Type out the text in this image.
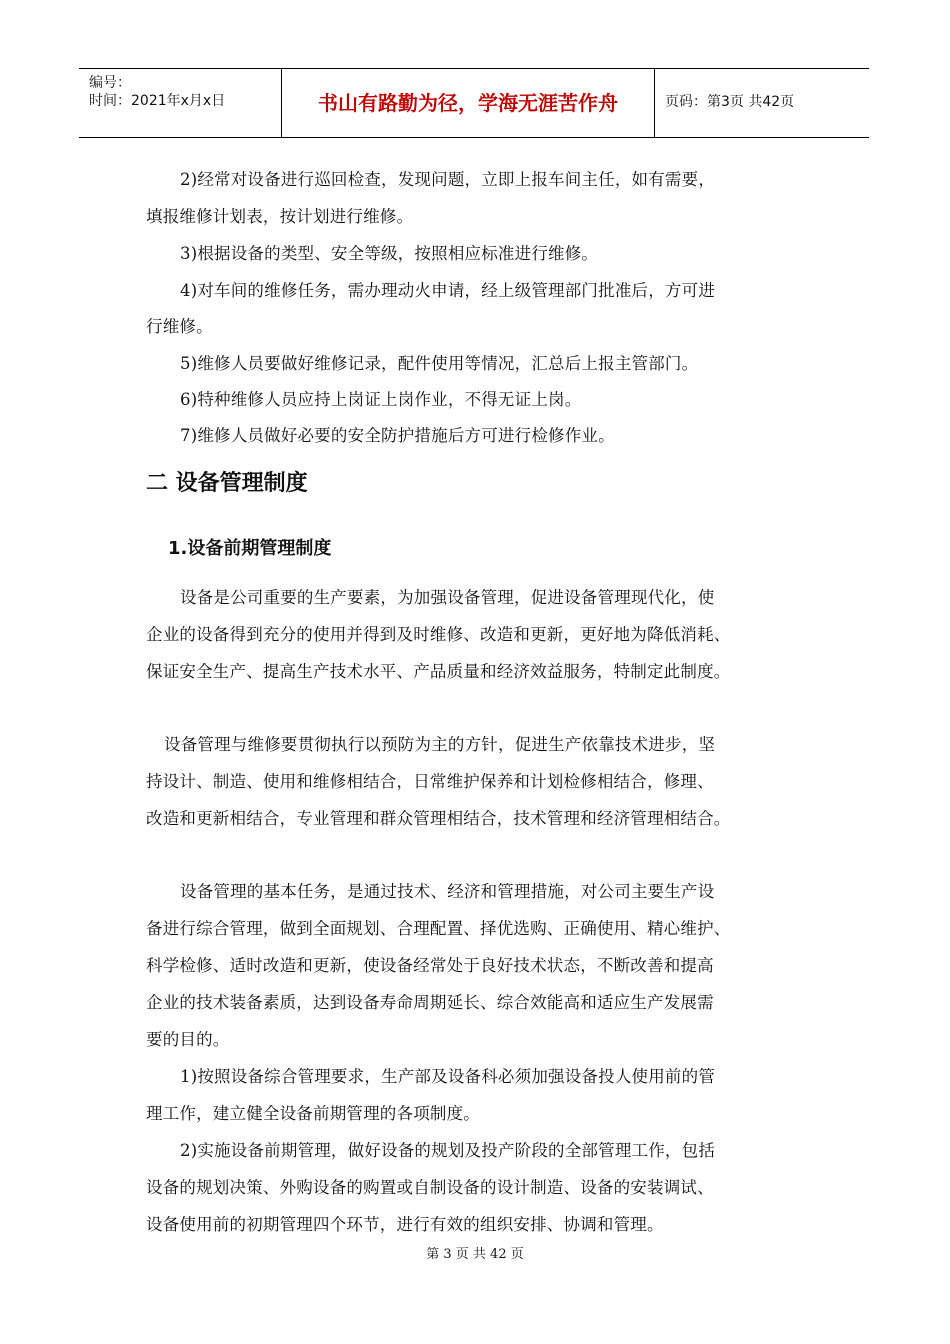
编号：
时间：2021年x月x日	书山有路勤为径，学海无涯苦作舟	页码：第3页 共42页
2)经常对设备进行巡回检查，发现问题，立即上报车间主任，如有需要，
填报维修计划表，按计划进行维修。
3)根据设备的类型、安全等级，按照相应标准进行维修。
4)对车间的维修任务，需办理动火申请，经上级管理部门批准后，方可进
行维修。
5)维修人员要做好维修记录，配件使用等情况，汇总后上报主管部门。
6)特种维修人员应持上岗证上岗作业，不得无证上岗。
7)维修人员做好必要的安全防护措施后方可进行检修作业。
二 设备管理制度
1.设备前期管理制度
设备是公司重要的生产要素，为加强设备管理，促进设备管理现代化，使
企业的设备得到充分的使用并得到及时维修、改造和更新，更好地为降低消耗、
保证安全生产、提高生产技术水平、产品质量和经济效益服务，特制定此制度。
设备管理与维修要贯彻执行以预防为主的方针，促进生产依靠技术进步，坚
持设计、制造、使用和维修相结合，日常维护保养和计划检修相结合，修理、
改造和更新相结合，专业管理和群众管理相结合，技术管理和经济管理相结合。
设备管理的基本任务，是通过技术、经济和管理措施，对公司主要生产设
备进行综合管理，做到全面规划、合理配置、择优选购、正确使用、精心维护、
科学检修、适时改造和更新，使设备经常处于良好技术状态，不断改善和提高
企业的技术装备素质，达到设备寿命周期延长、综合效能高和适应生产发展需
要的目的。
1)按照设备综合管理要求，生产部及设备科必须加强设备投人使用前的管
理工作，建立健全设备前期管理的各项制度。
2)实施设备前期管理，做好设备的规划及投产阶段的全部管理工作，包括
设备的规划决策、外购设备的购置或自制设备的设计制造、设备的安装调试、
设备使用前的初期管理四个环节，进行有效的组织安排、协调和管理。
第 3 页 共 42 页
